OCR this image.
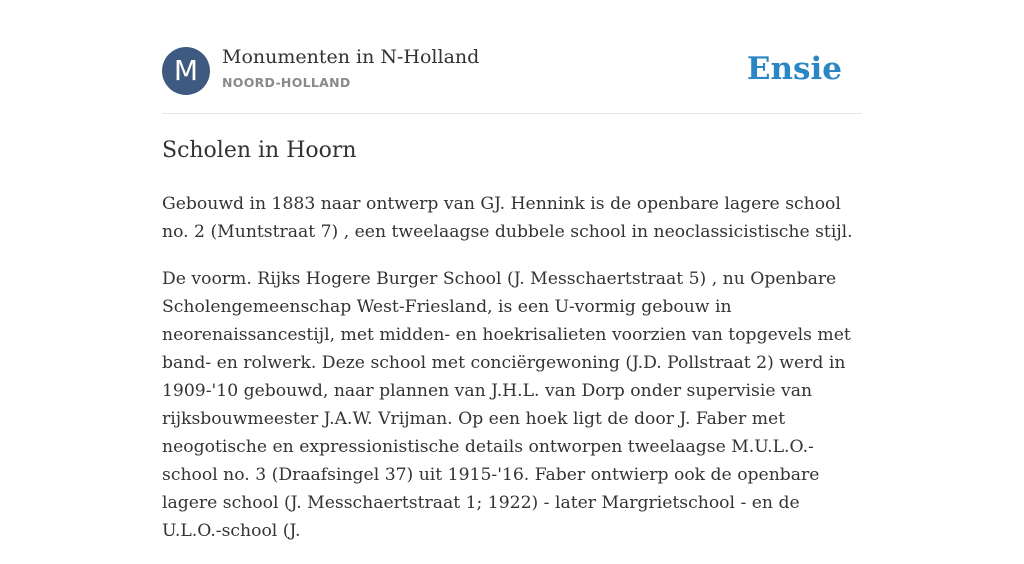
M	Monumenten in N-Holland
NOORD-HOLLAND	Ensie
Scholen in Hoorn

Gebouwd in 1883 naar ontwerp van GJ. Hennink is de openbare lagere school no. 2 (Muntstraat 7) , een tweelaagse dubbele school in neoclassicistische stijl.

De voorm. Rijks Hogere Burger School (J. Messchaertstraat 5) , nu Openbare Scholengemeenschap West-Friesland, is een U-vormig gebouw in neorenaissancestijl, met midden- en hoekrisalieten voorzien van topgevels met band- en rolwerk. Deze school met conciërgewoning (J.D. Pollstraat 2) werd in 1909-'10 gebouwd, naar plannen van J.H.L. van Dorp onder supervisie van rijksbouwmeester J.A.W. Vrijman. Op een hoek ligt de door J. Faber met neogotische en expressionistische details ontworpen tweelaagse M.U.L.O.-school no. 3 (Draafsingel 37) uit 1915-'16. Faber ontwierp ook de openbare lagere school (J. Messchaertstraat 1; 1922) - later Margrietschool - en de U.L.O.-school (J.
